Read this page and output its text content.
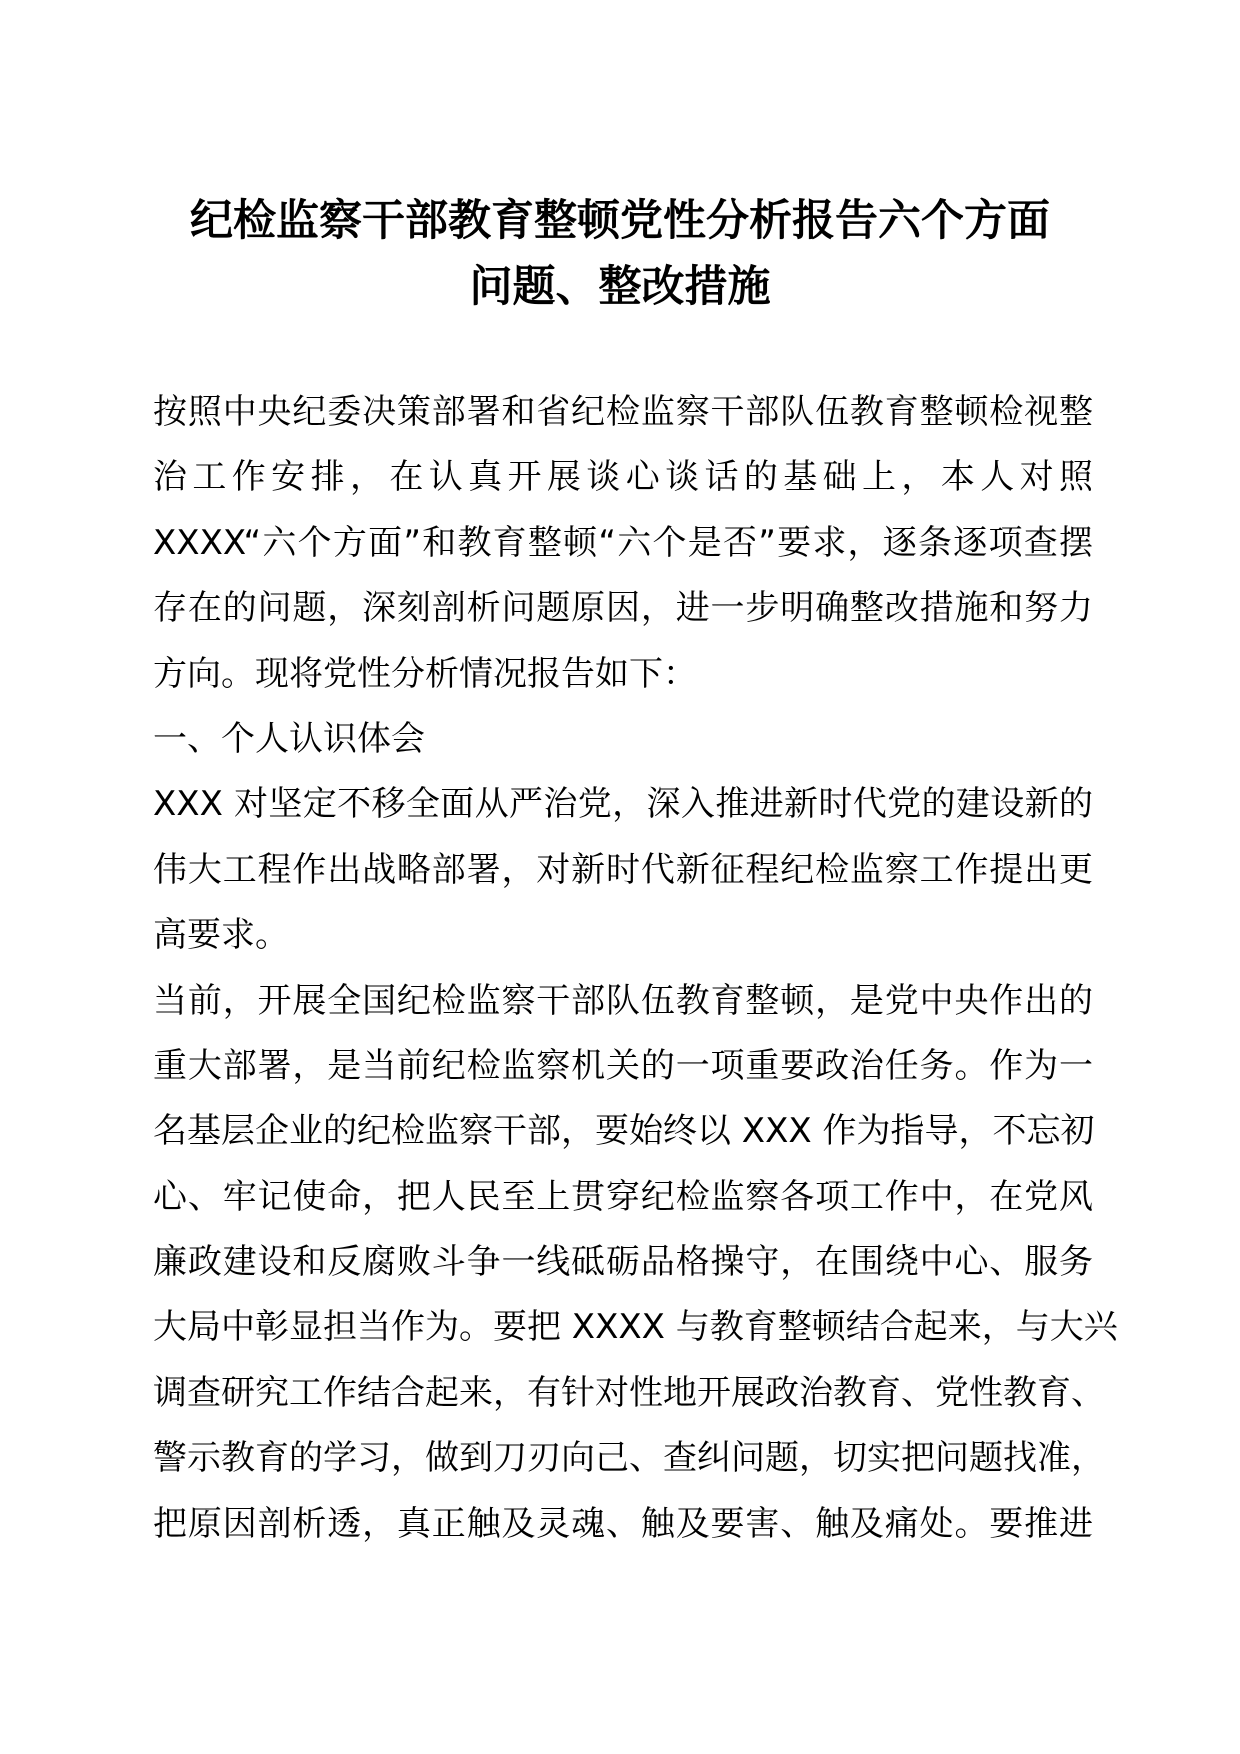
纪检监察干部教育整顿党性分析报告六个方面
问题、整改措施
按照中央纪委决策部署和省纪检监察干部队伍教育整顿检视整
治工作安排，在认真开展谈心谈话的基础上，本人对照
XXXX“六个方面”和教育整顿“六个是否”要求，逐条逐项查摆
存在的问题，深刻剖析问题原因，进一步明确整改措施和努力
方向。现将党性分析情况报告如下：
一、个人认识体会
XXX 对坚定不移全面从严治党，深入推进新时代党的建设新的
伟大工程作出战略部署，对新时代新征程纪检监察工作提出更
高要求。
当前，开展全国纪检监察干部队伍教育整顿，是党中央作出的
重大部署，是当前纪检监察机关的一项重要政治任务。作为一
名基层企业的纪检监察干部，要始终以 XXX 作为指导，不忘初
心、牢记使命，把人民至上贯穿纪检监察各项工作中，在党风
廉政建设和反腐败斗争一线砥砺品格操守，在围绕中心、服务
大局中彰显担当作为。要把 XXXX 与教育整顿结合起来，与大兴
调查研究工作结合起来，有针对性地开展政治教育、党性教育、
警示教育的学习，做到刀刃向己、查纠问题，切实把问题找准，
把原因剖析透，真正触及灵魂、触及要害、触及痛处。要推进
